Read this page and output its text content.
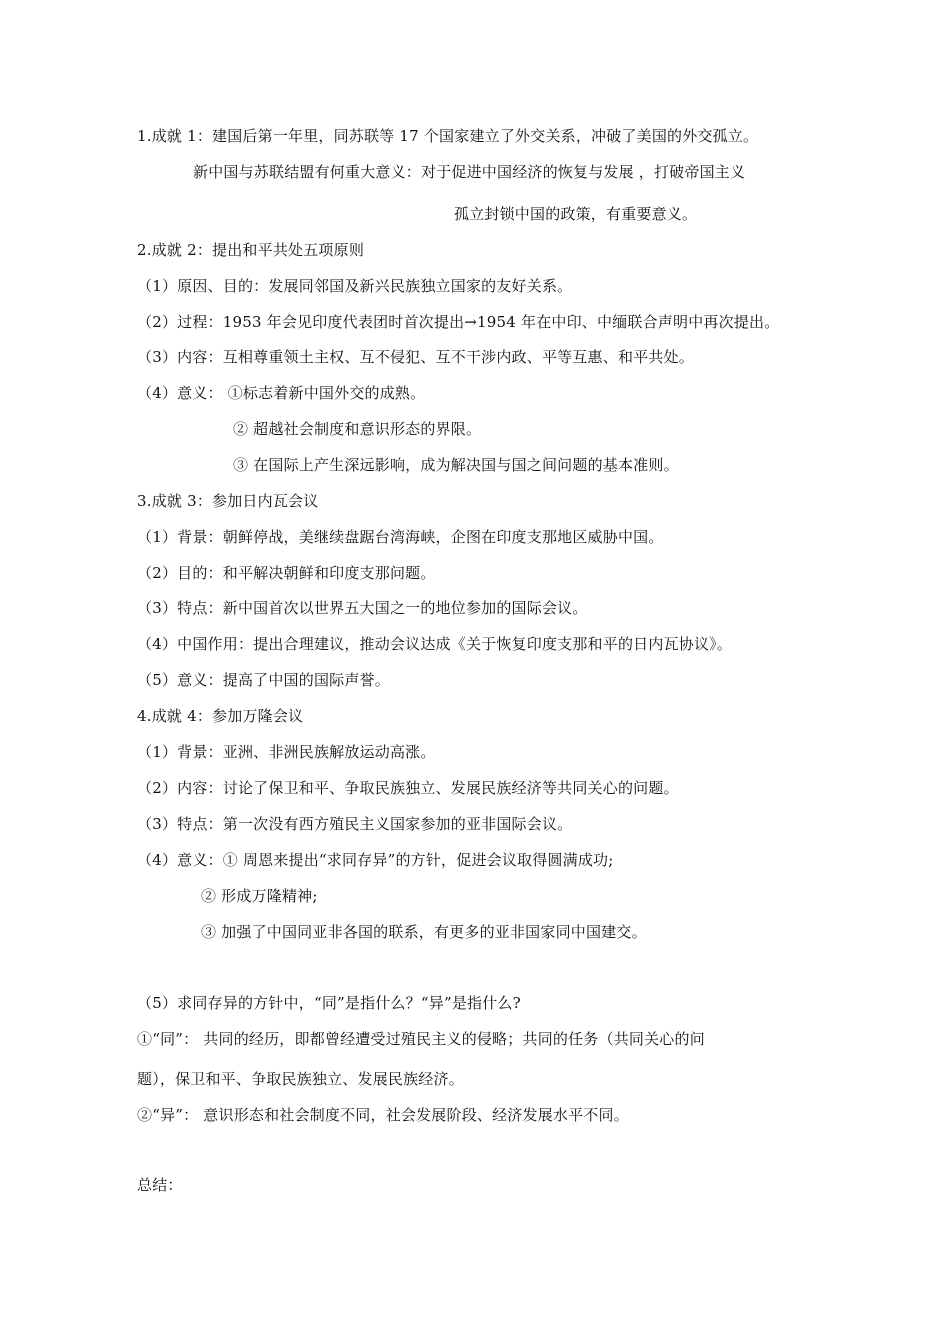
1.成就 1：建国后第一年里，同苏联等 17 个国家建立了外交关系，冲破了美国的外交孤立。

新中国与苏联结盟有何重大意义：对于促进中国经济的恢复与发展 ，打破帝国主义

孤立封锁中国的政策，有重要意义。

2.成就 2：提出和平共处五项原则

（1）原因、目的：发展同邻国及新兴民族独立国家的友好关系。

（2）过程：1953 年会见印度代表团时首次提出→1954 年在中印、中缅联合声明中再次提出。

（3）内容：互相尊重领土主权、互不侵犯、互不干涉内政、平等互惠、和平共处。

（4）意义： ①标志着新中国外交的成熟。

② 超越社会制度和意识形态的界限。

③ 在国际上产生深远影响，成为解决国与国之间问题的基本准则。

3.成就 3：参加日内瓦会议

（1）背景：朝鲜停战，美继续盘踞台湾海峡，企图在印度支那地区威胁中国。

（2）目的：和平解决朝鲜和印度支那问题。

（3）特点：新中国首次以世界五大国之一的地位参加的国际会议。

（4）中国作用：提出合理建议，推动会议达成《关于恢复印度支那和平的日内瓦协议》。

（5）意义：提高了中国的国际声誉。

4.成就 4：参加万隆会议

（1）背景：亚洲、非洲民族解放运动高涨。

（2）内容：讨论了保卫和平、争取民族独立、发展民族经济等共同关心的问题。

（3）特点：第一次没有西方殖民主义国家参加的亚非国际会议。

（4）意义：① 周恩来提出“求同存异”的方针，促进会议取得圆满成功;

② 形成万隆精神;

③ 加强了中国同亚非各国的联系，有更多的亚非国家同中国建交。

（5）求同存异的方针中，“同”是指什么？“异”是指什么?

①“同”： 共同的经历，即都曾经遭受过殖民主义的侵略；共同的任务（共同关心的问

题），保卫和平、争取民族独立、发展民族经济。

②“异”： 意识形态和社会制度不同，社会发展阶段、经济发展水平不同。

总结：
